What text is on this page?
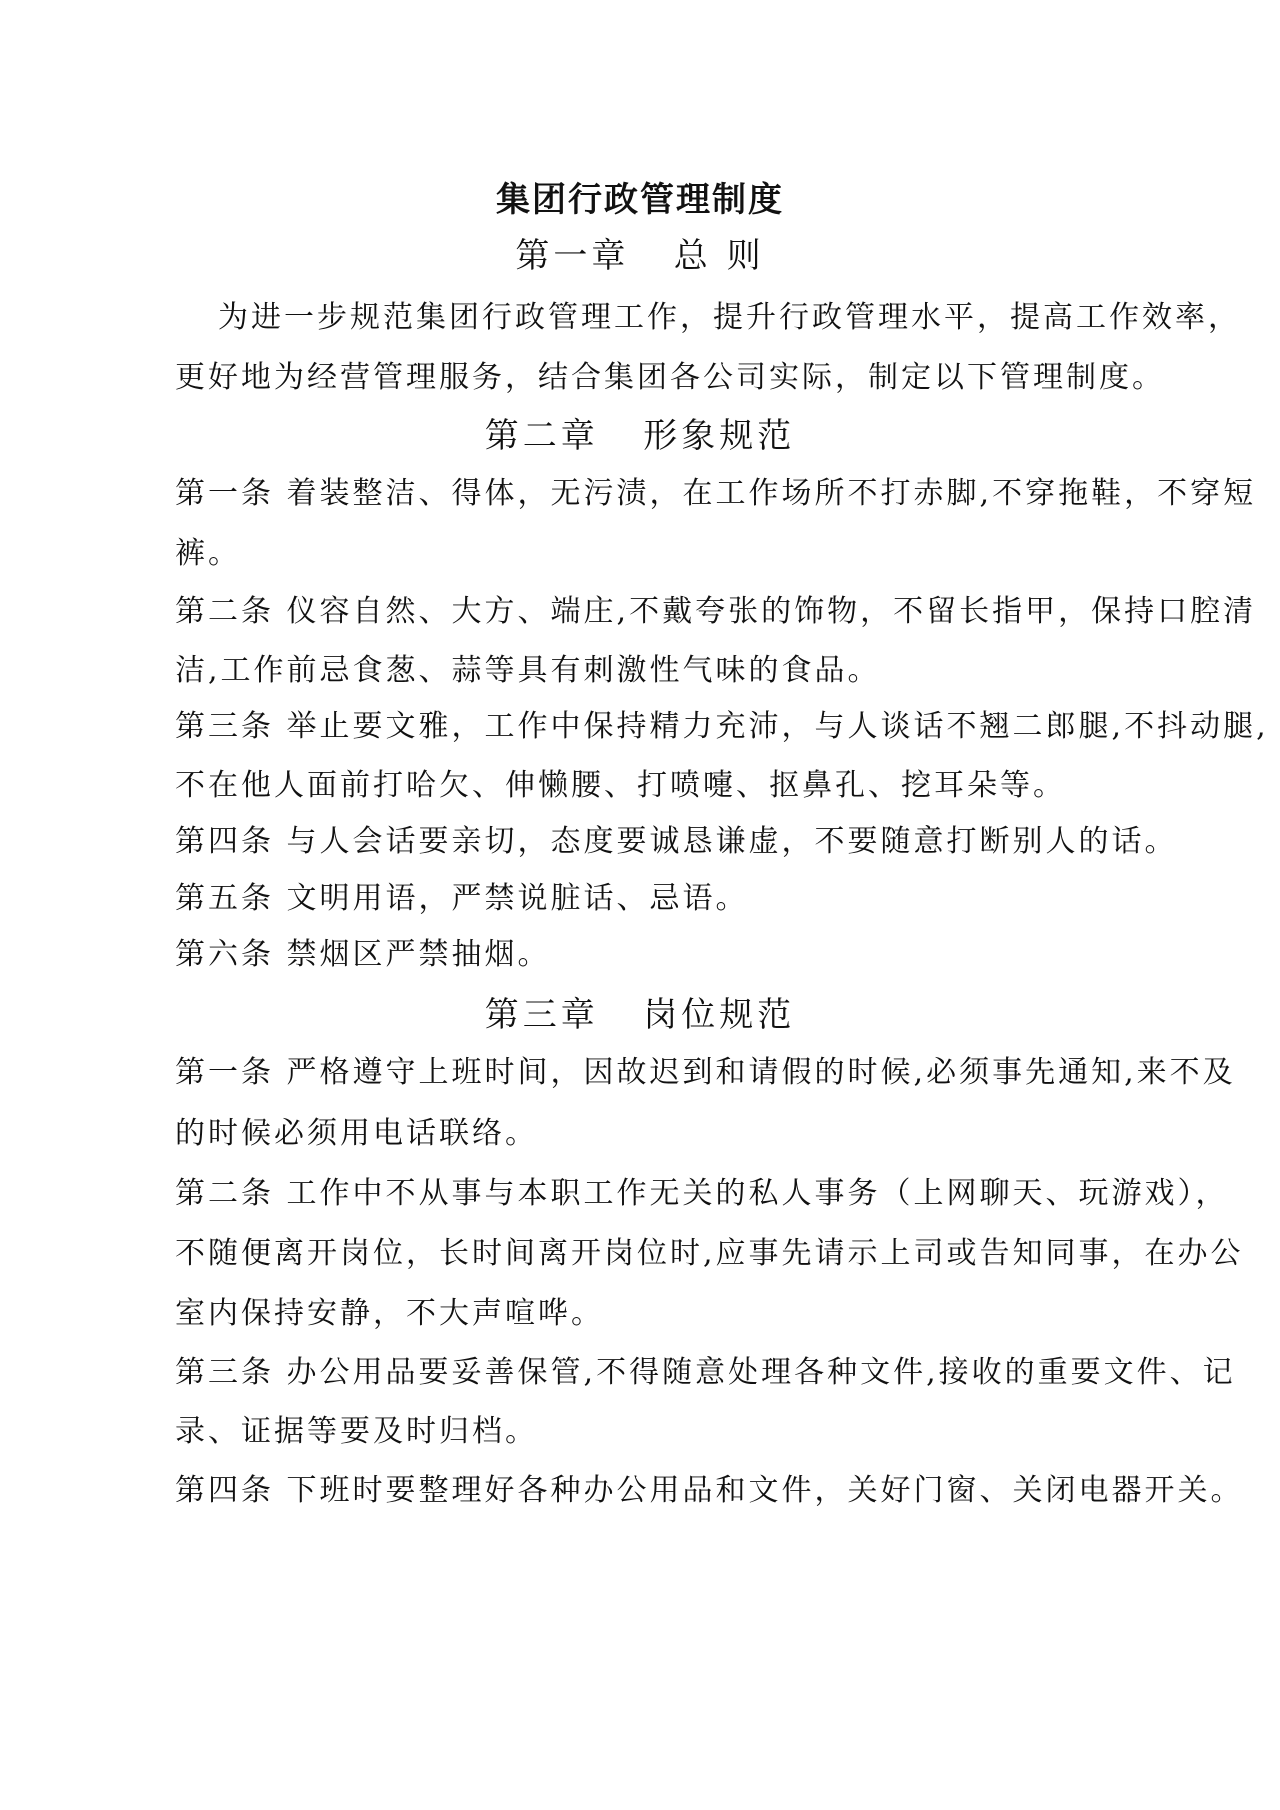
集团行政管理制度
第一章   总 则
为进一步规范集团行政管理工作，提升行政管理水平，提高工作效率，
更好地为经营管理服务，结合集团各公司实际，制定以下管理制度。
第二章   形象规范
第一条 着装整洁、得体，无污渍，在工作场所不打赤脚,不穿拖鞋，不穿短
裤。
第二条 仪容自然、大方、端庄,不戴夸张的饰物，不留长指甲，保持口腔清
洁,工作前忌食葱、蒜等具有刺激性气味的食品。
第三条 举止要文雅，工作中保持精力充沛，与人谈话不翘二郎腿,不抖动腿,
不在他人面前打哈欠、伸懒腰、打喷嚏、抠鼻孔、挖耳朵等。
第四条 与人会话要亲切，态度要诚恳谦虚，不要随意打断别人的话。
第五条 文明用语，严禁说脏话、忌语。
第六条 禁烟区严禁抽烟。
第三章   岗位规范
第一条 严格遵守上班时间，因故迟到和请假的时候,必须事先通知,来不及
的时候必须用电话联络。
第二条 工作中不从事与本职工作无关的私人事务（上网聊天、玩游戏），
不随便离开岗位，长时间离开岗位时,应事先请示上司或告知同事，在办公
室内保持安静，不大声喧哗。
第三条 办公用品要妥善保管,不得随意处理各种文件,接收的重要文件、记
录、证据等要及时归档。
第四条 下班时要整理好各种办公用品和文件，关好门窗、关闭电器开关。
